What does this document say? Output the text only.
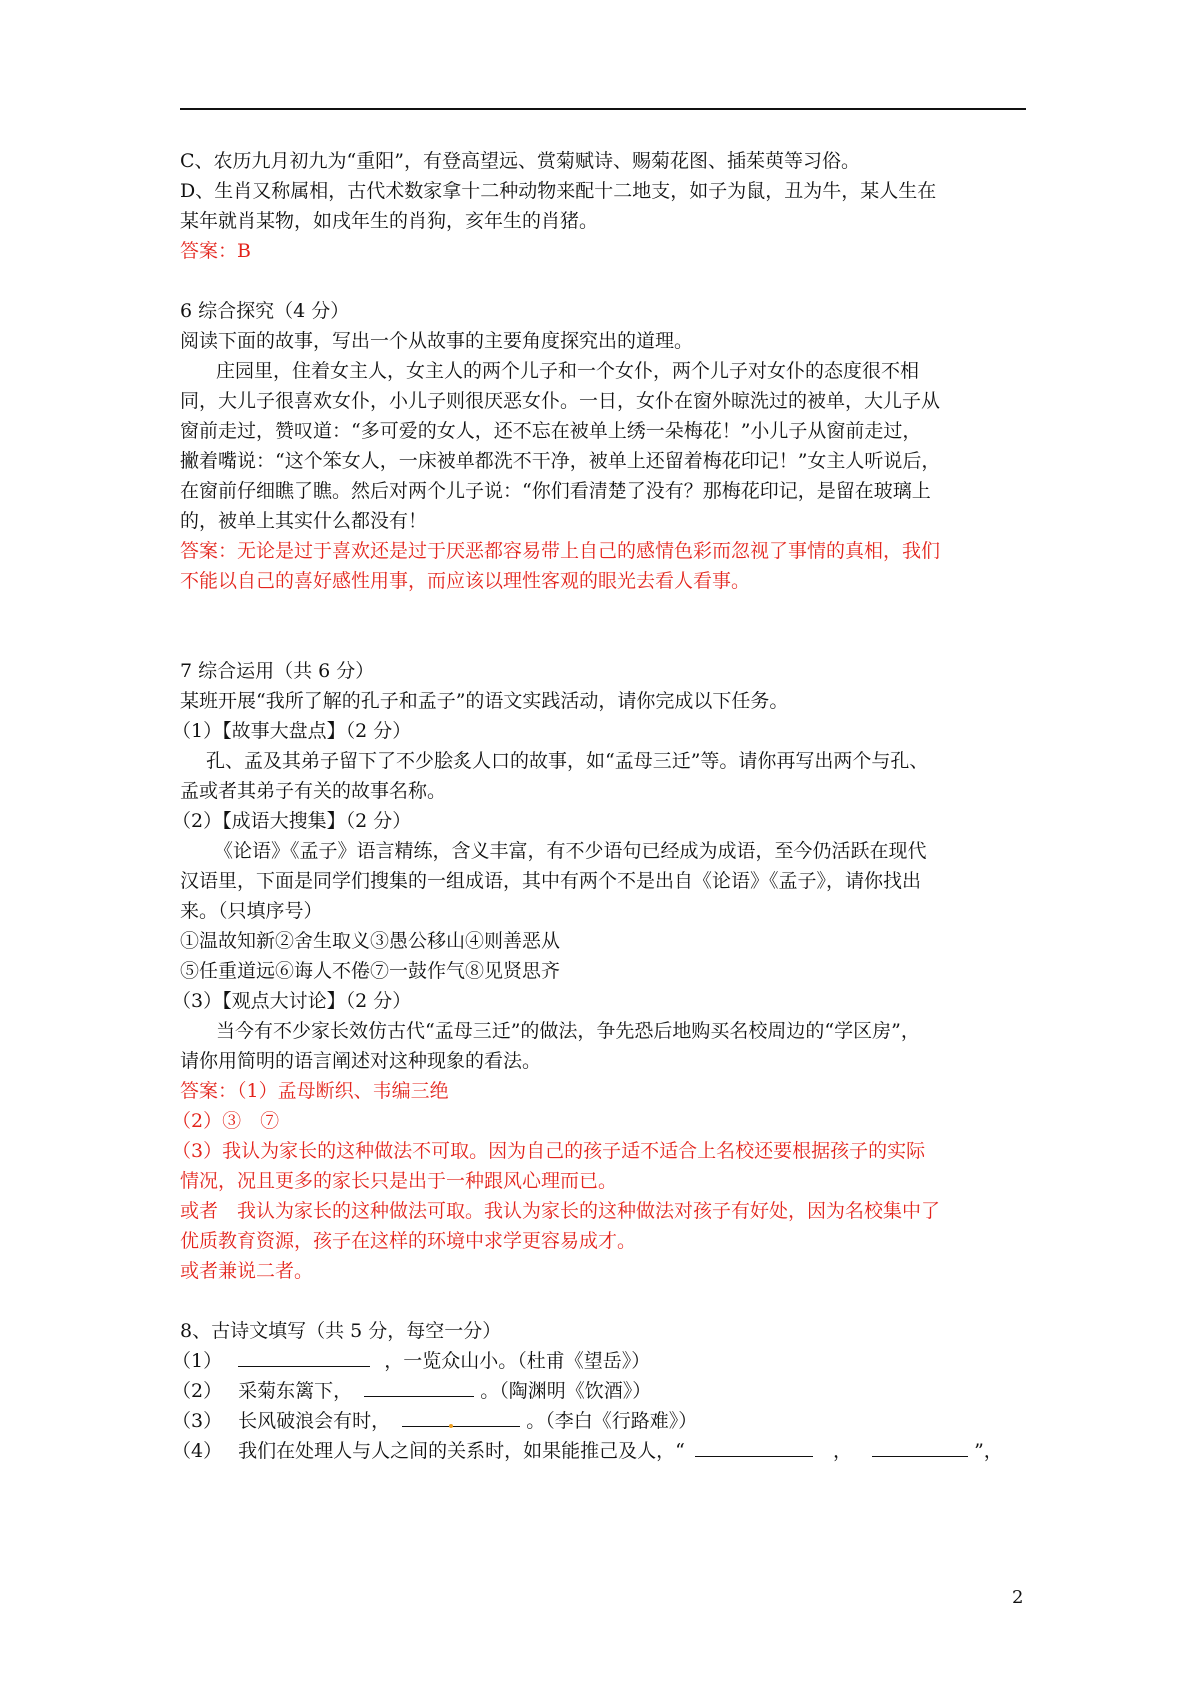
C、农历九月初九为“重阳”，有登高望远、赏菊赋诗、赐菊花图、插茱萸等习俗。
D、生肖又称属相，古代术数家拿十二种动物来配十二地支，如子为鼠，丑为牛，某人生在
某年就肖某物，如戌年生的肖狗，亥年生的肖猪。
答案：B
6 综合探究（4 分）
阅读下面的故事，写出一个从故事的主要角度探究出的道理。
庄园里，住着女主人，女主人的两个儿子和一个女仆，两个儿子对女仆的态度很不相
同，大儿子很喜欢女仆，小儿子则很厌恶女仆。一日，女仆在窗外晾洗过的被单，大儿子从
窗前走过，赞叹道：“多可爱的女人，还不忘在被单上绣一朵梅花！”小儿子从窗前走过，
撇着嘴说：“这个笨女人，一床被单都洗不干净，被单上还留着梅花印记！”女主人听说后，
在窗前仔细瞧了瞧。然后对两个儿子说：“你们看清楚了没有？那梅花印记，是留在玻璃上
的，被单上其实什么都没有！
答案：无论是过于喜欢还是过于厌恶都容易带上自己的感情色彩而忽视了事情的真相，我们
不能以自己的喜好感性用事，而应该以理性客观的眼光去看人看事。
7 综合运用（共 6 分）
某班开展“我所了解的孔子和孟子”的语文实践活动，请你完成以下任务。
（1）【故事大盘点】（2 分）
孔、孟及其弟子留下了不少脍炙人口的故事，如“孟母三迁”等。请你再写出两个与孔、
孟或者其弟子有关的故事名称。
（2）【成语大搜集】（2 分）
《论语》《孟子》语言精练，含义丰富，有不少语句已经成为成语，至今仍活跃在现代
汉语里，下面是同学们搜集的一组成语，其中有两个不是出自《论语》《孟子》，请你找出
来。（只填序号）
①温故知新②舍生取义③愚公移山④则善恶从
⑤任重道远⑥诲人不倦⑦一鼓作气⑧见贤思齐
（3）【观点大讨论】（2 分）
当今有不少家长效仿古代“孟母三迁”的做法，争先恐后地购买名校周边的“学区房”，
请你用简明的语言阐述对这种现象的看法。
答案：（1）孟母断织、韦编三绝
（2）③　⑦
（3）我认为家长的这种做法不可取。因为自己的孩子适不适合上名校还要根据孩子的实际
情况，况且更多的家长只是出于一种跟风心理而已。
或者　我认为家长的这种做法可取。我认为家长的这种做法对孩子有好处，因为名校集中了
优质教育资源，孩子在这样的环境中求学更容易成才。
或者兼说二者。
8、古诗文填写（共 5 分，每空一分）
（1）	，一览众山小。（杜甫《望岳》）
（2） 采菊东篱下，	。（陶渊明《饮酒》）
（3） 长风破浪会有时，	。（李白《行路难》）
（4） 我们在处理人与人之间的关系时，如果能推己及人，“	，	”，
2
